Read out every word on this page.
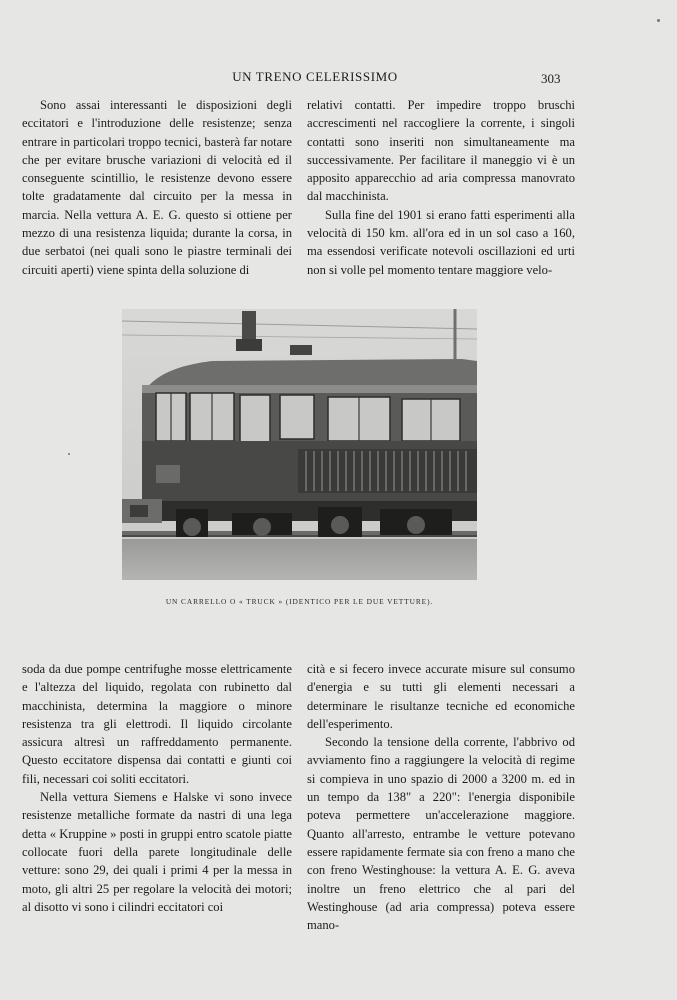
UN TRENO CELERISSIMO	303

Sono assai interessanti le disposizioni degli eccitatori e l'introduzione delle resistenze; senza entrare in particolari troppo tecnici, basterà far notare che per evitare brusche variazioni di velocità ed il conseguente scintillio, le resistenze devono essere tolte gradatamente dal circuito per la messa in marcia. Nella vettura A. E. G. questo si ottiene per mezzo di una resistenza liquida; durante la corsa, in due serbatoi (nei quali sono le piastre terminali dei circuiti aperti) viene spinta della soluzione di

relativi contatti. Per impedire troppo bruschi accrescimenti nel raccogliere la corrente, i singoli contatti sono inseriti non simultaneamente ma successivamente. Per facilitare il maneggio vi è un apposito apparecchio ad aria compressa manovrato dal macchinista.

Sulla fine del 1901 si erano fatti esperimenti alla velocità di 150 km. all'ora ed in un sol caso a 160, ma essendosi verificate notevoli oscillazioni ed urti non si volle pel momento tentare maggiore velo-

UN CARRELLO O « TRUCK » (IDENTICO PER LE DUE VETTURE).

soda da due pompe centrifughe mosse elettricamente e l'altezza del liquido, regolata con rubinetto dal macchinista, determina la maggiore o minore resistenza tra gli elettrodi. Il liquido circolante assicura altresì un raffreddamento permanente. Questo eccitatore dispensa dai contatti e giunti coi fili, necessari coi soliti eccitatori.

Nella vettura Siemens e Halske vi sono invece resistenze metalliche formate da nastri di una lega detta « Kruppine » posti in gruppi entro scatole piatte collocate fuori della parete longitudinale delle vetture: sono 29, dei quali i primi 4 per la messa in moto, gli altri 25 per regolare la velocità dei motori; al disotto vi sono i cilindri eccitatori coi

cità e si fecero invece accurate misure sul consumo d'energia e su tutti gli elementi necessari a determinare le risultanze tecniche ed economiche dell'esperimento.

Secondo la tensione della corrente, l'abbrivo od avviamento fino a raggiungere la velocità di regime si compieva in uno spazio di 2000 a 3200 m. ed in un tempo da 138" a 220": l'energia disponibile poteva permettere un'accelerazione maggiore. Quanto all'arresto, entrambe le vetture potevano essere rapidamente fermate sia con freno a mano che con freno Westinghouse: la vettura A. E. G. aveva inoltre un freno elettrico che al pari del Westinghouse (ad aria compressa) poteva essere mano-
